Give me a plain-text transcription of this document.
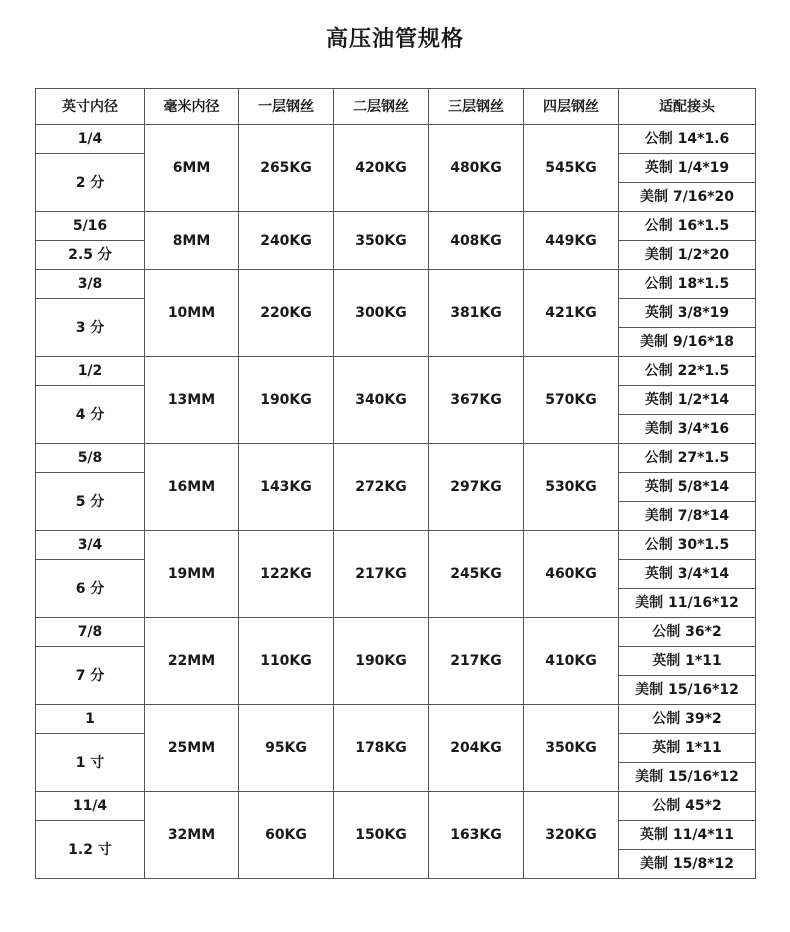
高压油管规格
英寸内径	毫米内径	一层钢丝	二层钢丝	三层钢丝	四层钢丝	适配接头
1/4	6MM	265KG	420KG	480KG	545KG	公制 14*1.6
2 分						英制 1/4*19
						美制 7/16*20
5/16	8MM	240KG	350KG	408KG	449KG	公制 16*1.5
2.5 分						美制 1/2*20
3/8	10MM	220KG	300KG	381KG	421KG	公制 18*1.5
3 分						英制 3/8*19
						美制 9/16*18
1/2	13MM	190KG	340KG	367KG	570KG	公制 22*1.5
4 分						英制 1/2*14
						美制 3/4*16
5/8	16MM	143KG	272KG	297KG	530KG	公制 27*1.5
5 分						英制 5/8*14
						美制 7/8*14
3/4	19MM	122KG	217KG	245KG	460KG	公制 30*1.5
6 分						英制 3/4*14
						美制 11/16*12
7/8	22MM	110KG	190KG	217KG	410KG	公制 36*2
7 分						英制 1*11
						美制 15/16*12
1	25MM	95KG	178KG	204KG	350KG	公制 39*2
1 寸						英制 1*11
						美制 15/16*12
11/4	32MM	60KG	150KG	163KG	320KG	公制 45*2
1.2 寸						英制 11/4*11
						美制 15/8*12
